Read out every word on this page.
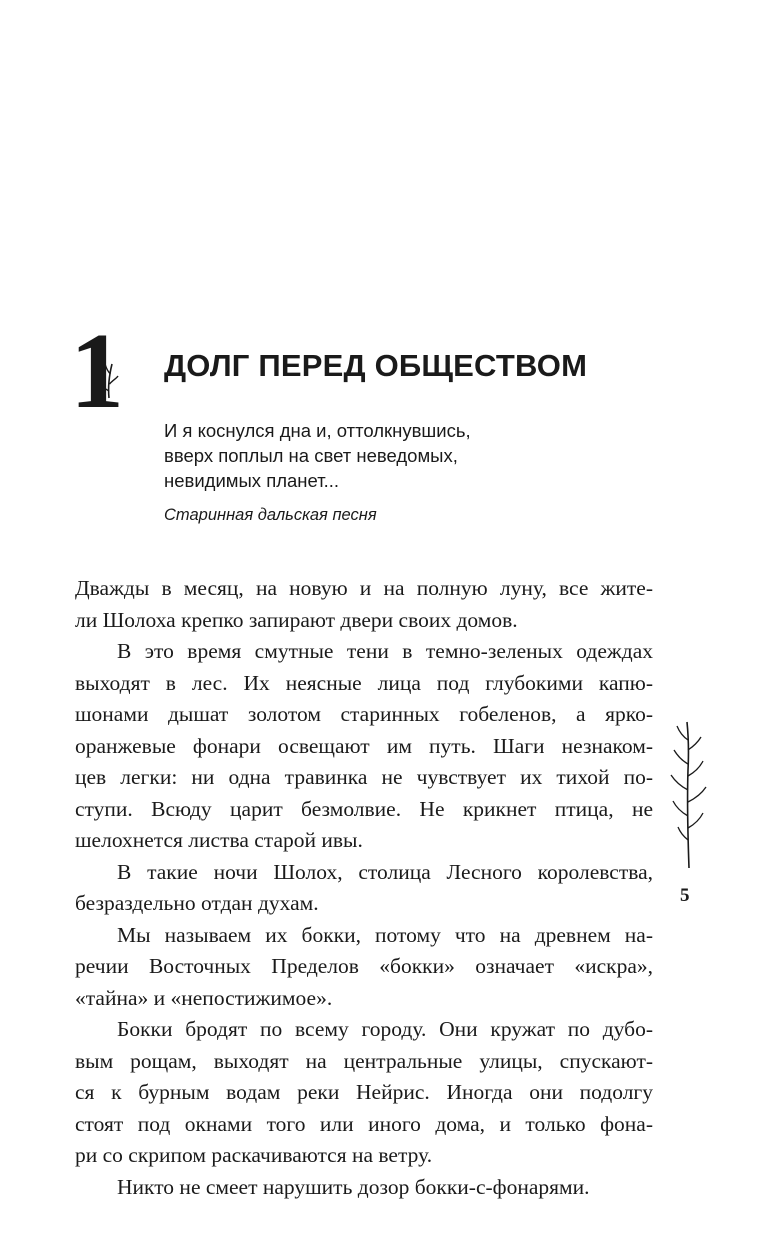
1 ДОЛГ ПЕРЕД ОБЩЕСТВОМ
И я коснулся дна и, оттолкнувшись,
вверх поплыл на свет неведомых,
невидимых планет...
Старинная дальская песня
Дважды в месяц, на новую и на полную луну, все жите-
ли Шолоха крепко запирают двери своих домов.
В это время смутные тени в темно-зеленых одеждах
выходят в лес. Их неясные лица под глубокими капю-
шонами дышат золотом старинных гобеленов, а ярко-
оранжевые фонари освещают им путь. Шаги незнаком-
цев легки: ни одна травинка не чувствует их тихой по-
ступи. Всюду царит безмолвие. Не крикнет птица, не
шелохнется листва старой ивы.
В такие ночи Шолох, столица Лесного королевства,
безраздельно отдан духам.
Мы называем их бокки, потому что на древнем на-
речии Восточных Пределов «бокки» означает «искра»,
«тайна» и «непостижимое».
Бокки бродят по всему городу. Они кружат по дубо-
вым рощам, выходят на центральные улицы, спускают-
ся к бурным водам реки Нейрис. Иногда они подолгу
стоят под окнами того или иного дома, и только фона-
ри со скрипом раскачиваются на ветру.
Никто не смеет нарушить дозор бокки-с-фонарями.
5
